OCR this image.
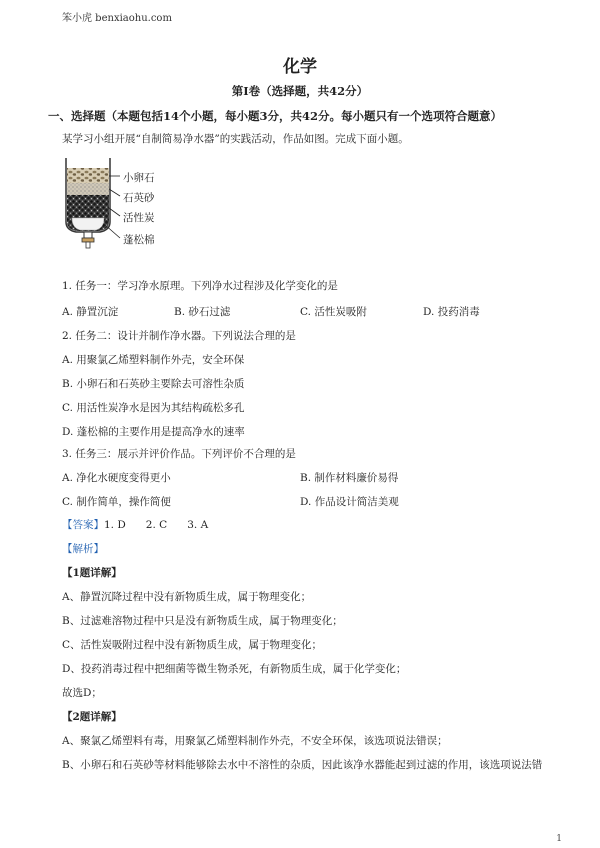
笨小虎 benxiaohu.com
化学
第I卷（选择题，共42分）
一、选择题（本题包括14个小题，每小题3分，共42分。每小题只有一个选项符合题意）
某学习小组开展“自制简易净水器”的实践活动，作品如图。完成下面小题。
小卵石
石英砂
活性炭
蓬松棉
1. 任务一：学习净水原理。下列净水过程涉及化学变化的是
A. 静置沉淀	B. 砂石过滤	C. 活性炭吸附	D. 投药消毒
2. 任务二：设计并制作净水器。下列说法合理的是
A. 用聚氯乙烯塑料制作外壳，安全环保
B. 小卵石和石英砂主要除去可溶性杂质
C. 用活性炭净水是因为其结构疏松多孔
D. 蓬松棉的主要作用是提高净水的速率
3. 任务三：展示并评价作品。下列评价不合理的是
A. 净化水硬度变得更小	B. 制作材料廉价易得
C. 制作简单，操作简便	D. 作品设计简洁美观
【答案】1. D      2. C      3. A
【解析】
【1题详解】
A、静置沉降过程中没有新物质生成，属于物理变化；
B、过滤难溶物过程中只是没有新物质生成，属于物理变化；
C、活性炭吸附过程中没有新物质生成，属于物理变化；
D、投药消毒过程中把细菌等微生物杀死，有新物质生成，属于化学变化；
故选D；
【2题详解】
A、聚氯乙烯塑料有毒，用聚氯乙烯塑料制作外壳，不安全环保，该选项说法错误；
B、小卵石和石英砂等材料能够除去水中不溶性的杂质，因此该净水器能起到过滤的作用，该选项说法错
1
